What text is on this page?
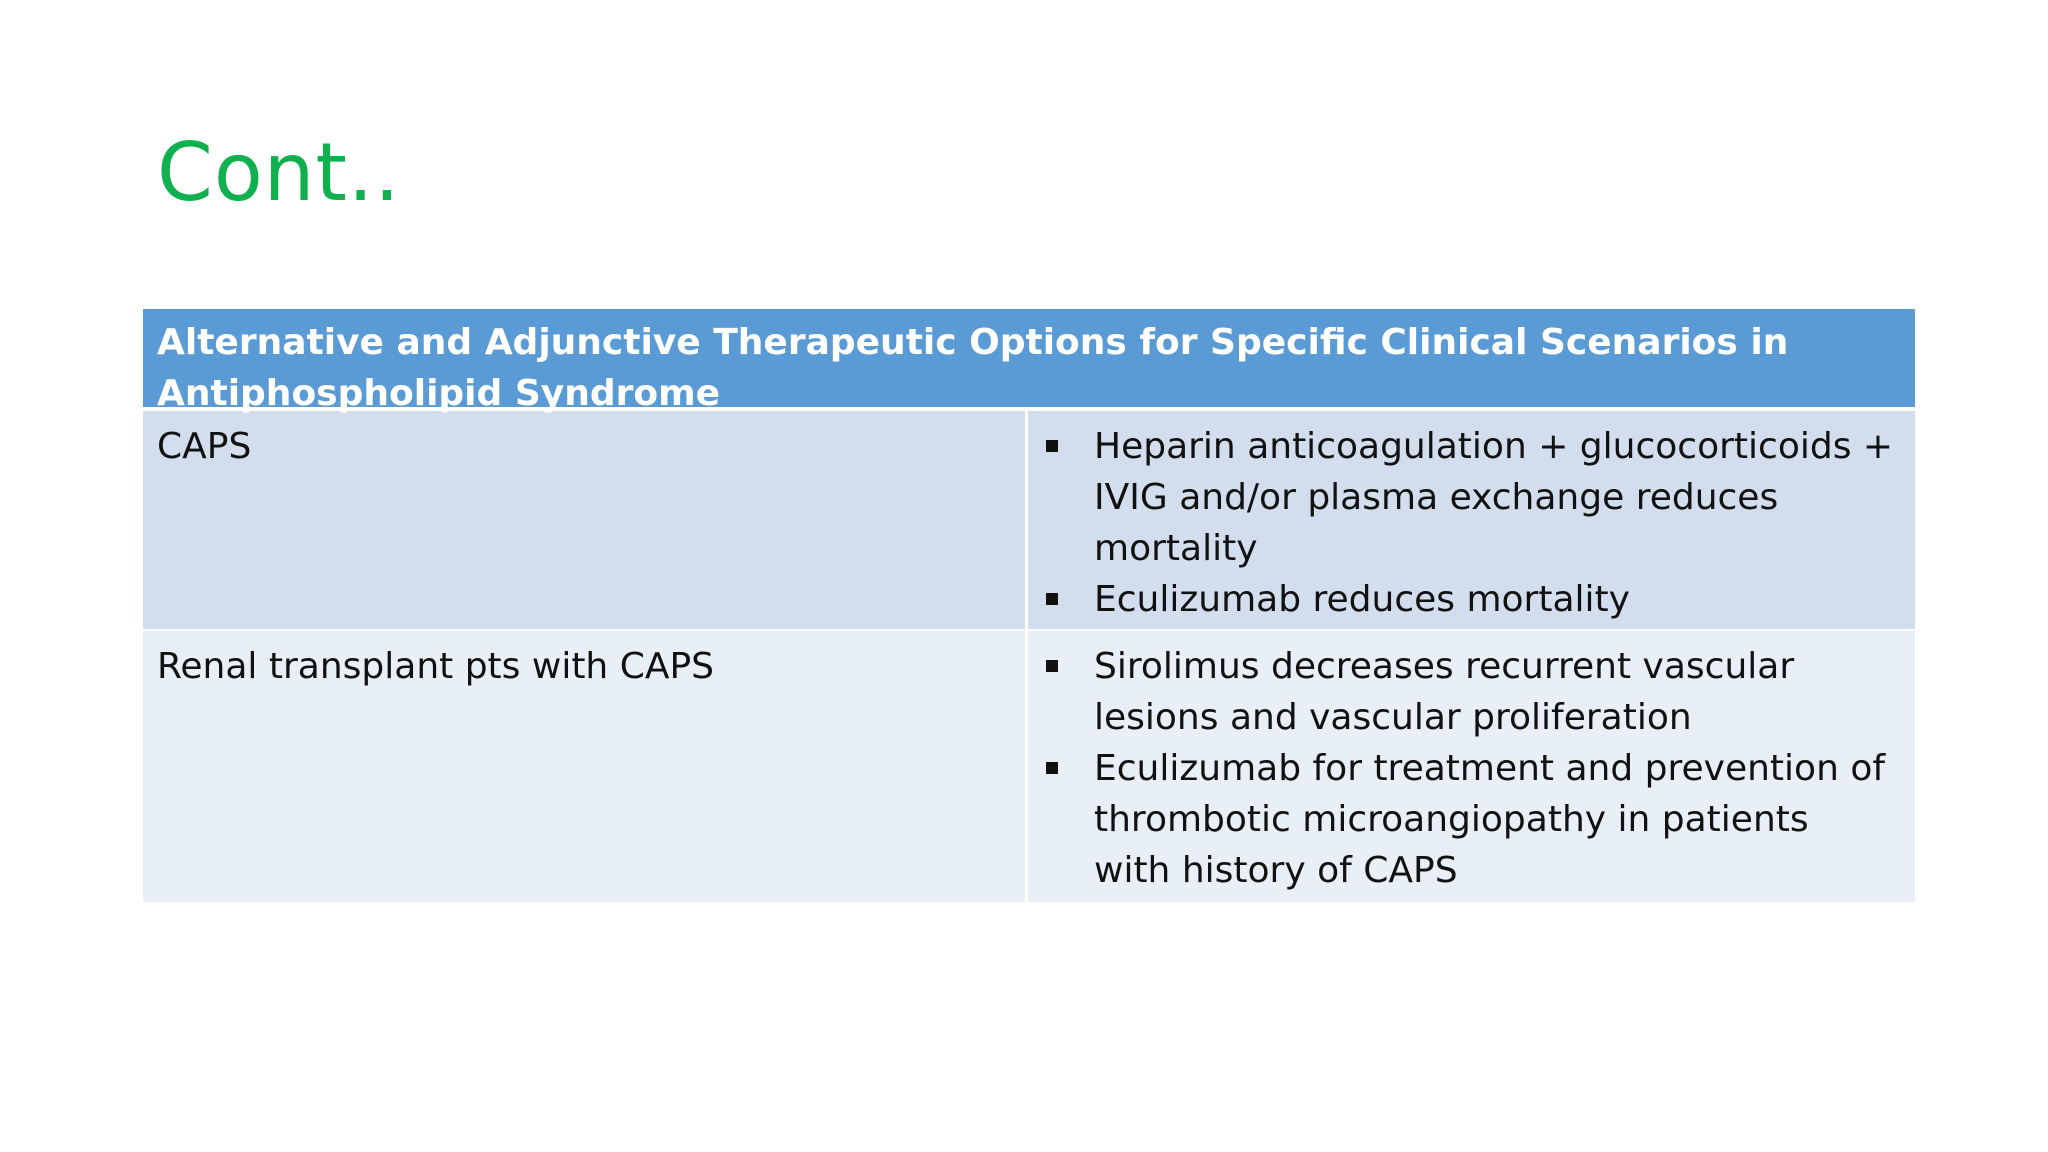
Cont..
Alternative and Adjunctive Therapeutic Options for Specific Clinical Scenarios in Antiphospholipid Syndrome
CAPS	Heparin anticoagulation + glucocorticoids + IVIG and/or plasma exchange reduces mortality
Eculizumab reduces mortality
Renal transplant pts with CAPS	Sirolimus decreases recurrent vascular lesions and vascular proliferation
Eculizumab for treatment and prevention of thrombotic microangiopathy in patients with history of CAPS
